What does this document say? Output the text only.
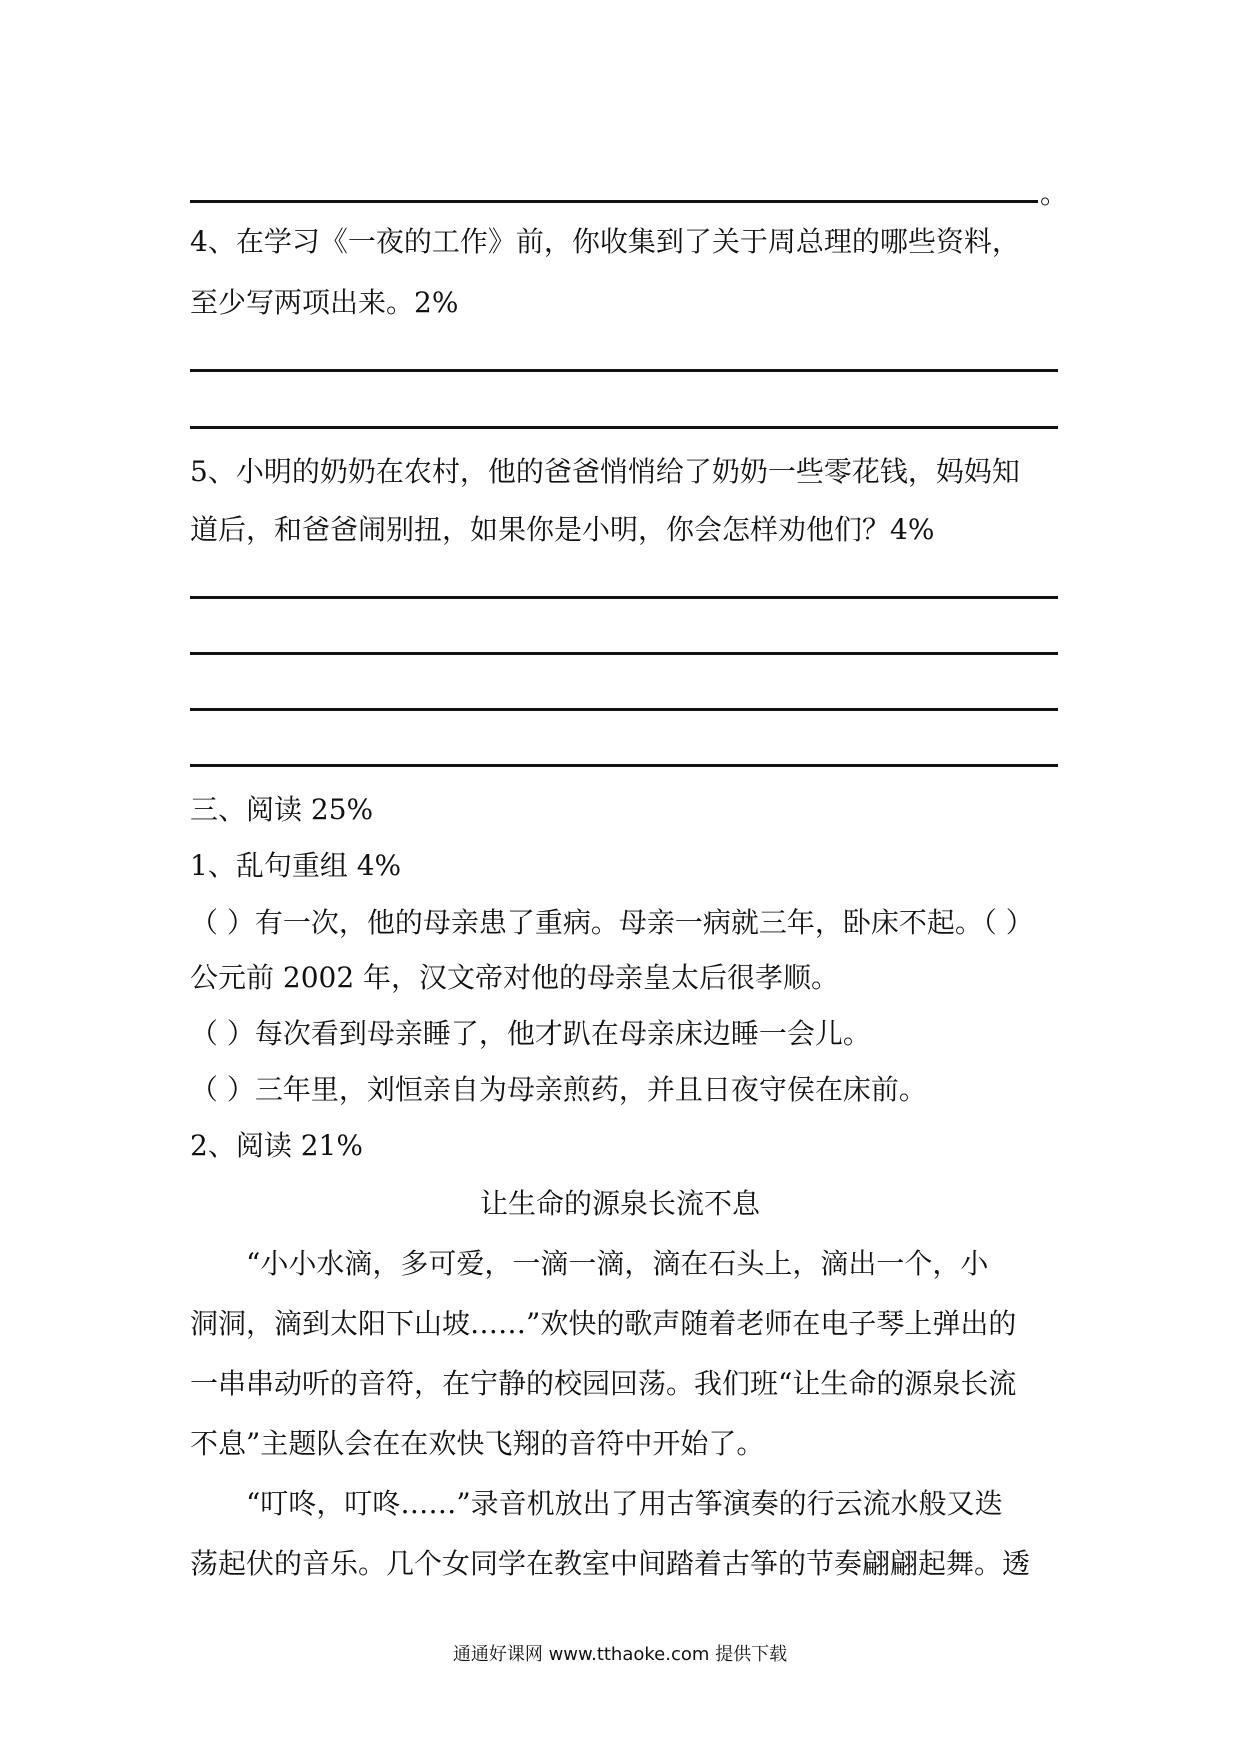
。
4、在学习《一夜的工作》前，你收集到了关于周总理的哪些资料，
至少写两项出来。2%
5、小明的奶奶在农村，他的爸爸悄悄给了奶奶一些零花钱，妈妈知
道后，和爸爸闹别扭，如果你是小明，你会怎样劝他们？4%
三、阅读 25%
1、乱句重组 4%
（ ）有一次，他的母亲患了重病。母亲一病就三年，卧床不起。（ ）
公元前 2002 年，汉文帝对他的母亲皇太后很孝顺。
（ ）每次看到母亲睡了，他才趴在母亲床边睡一会儿。
（ ）三年里，刘恒亲自为母亲煎药，并且日夜守侯在床前。
2、阅读 21%
让生命的源泉长流不息
　　“小小水滴，多可爱，一滴一滴，滴在石头上，滴出一个，小
洞洞，滴到太阳下山坡……”欢快的歌声随着老师在电子琴上弹出的
一串串动听的音符，在宁静的校园回荡。我们班“让生命的源泉长流
不息”主题队会在在欢快飞翔的音符中开始了。
　　“叮咚，叮咚……”录音机放出了用古筝演奏的行云流水般又迭
荡起伏的音乐。几个女同学在教室中间踏着古筝的节奏翩翩起舞。透
通通好课网 www.tthaoke.com 提供下载
